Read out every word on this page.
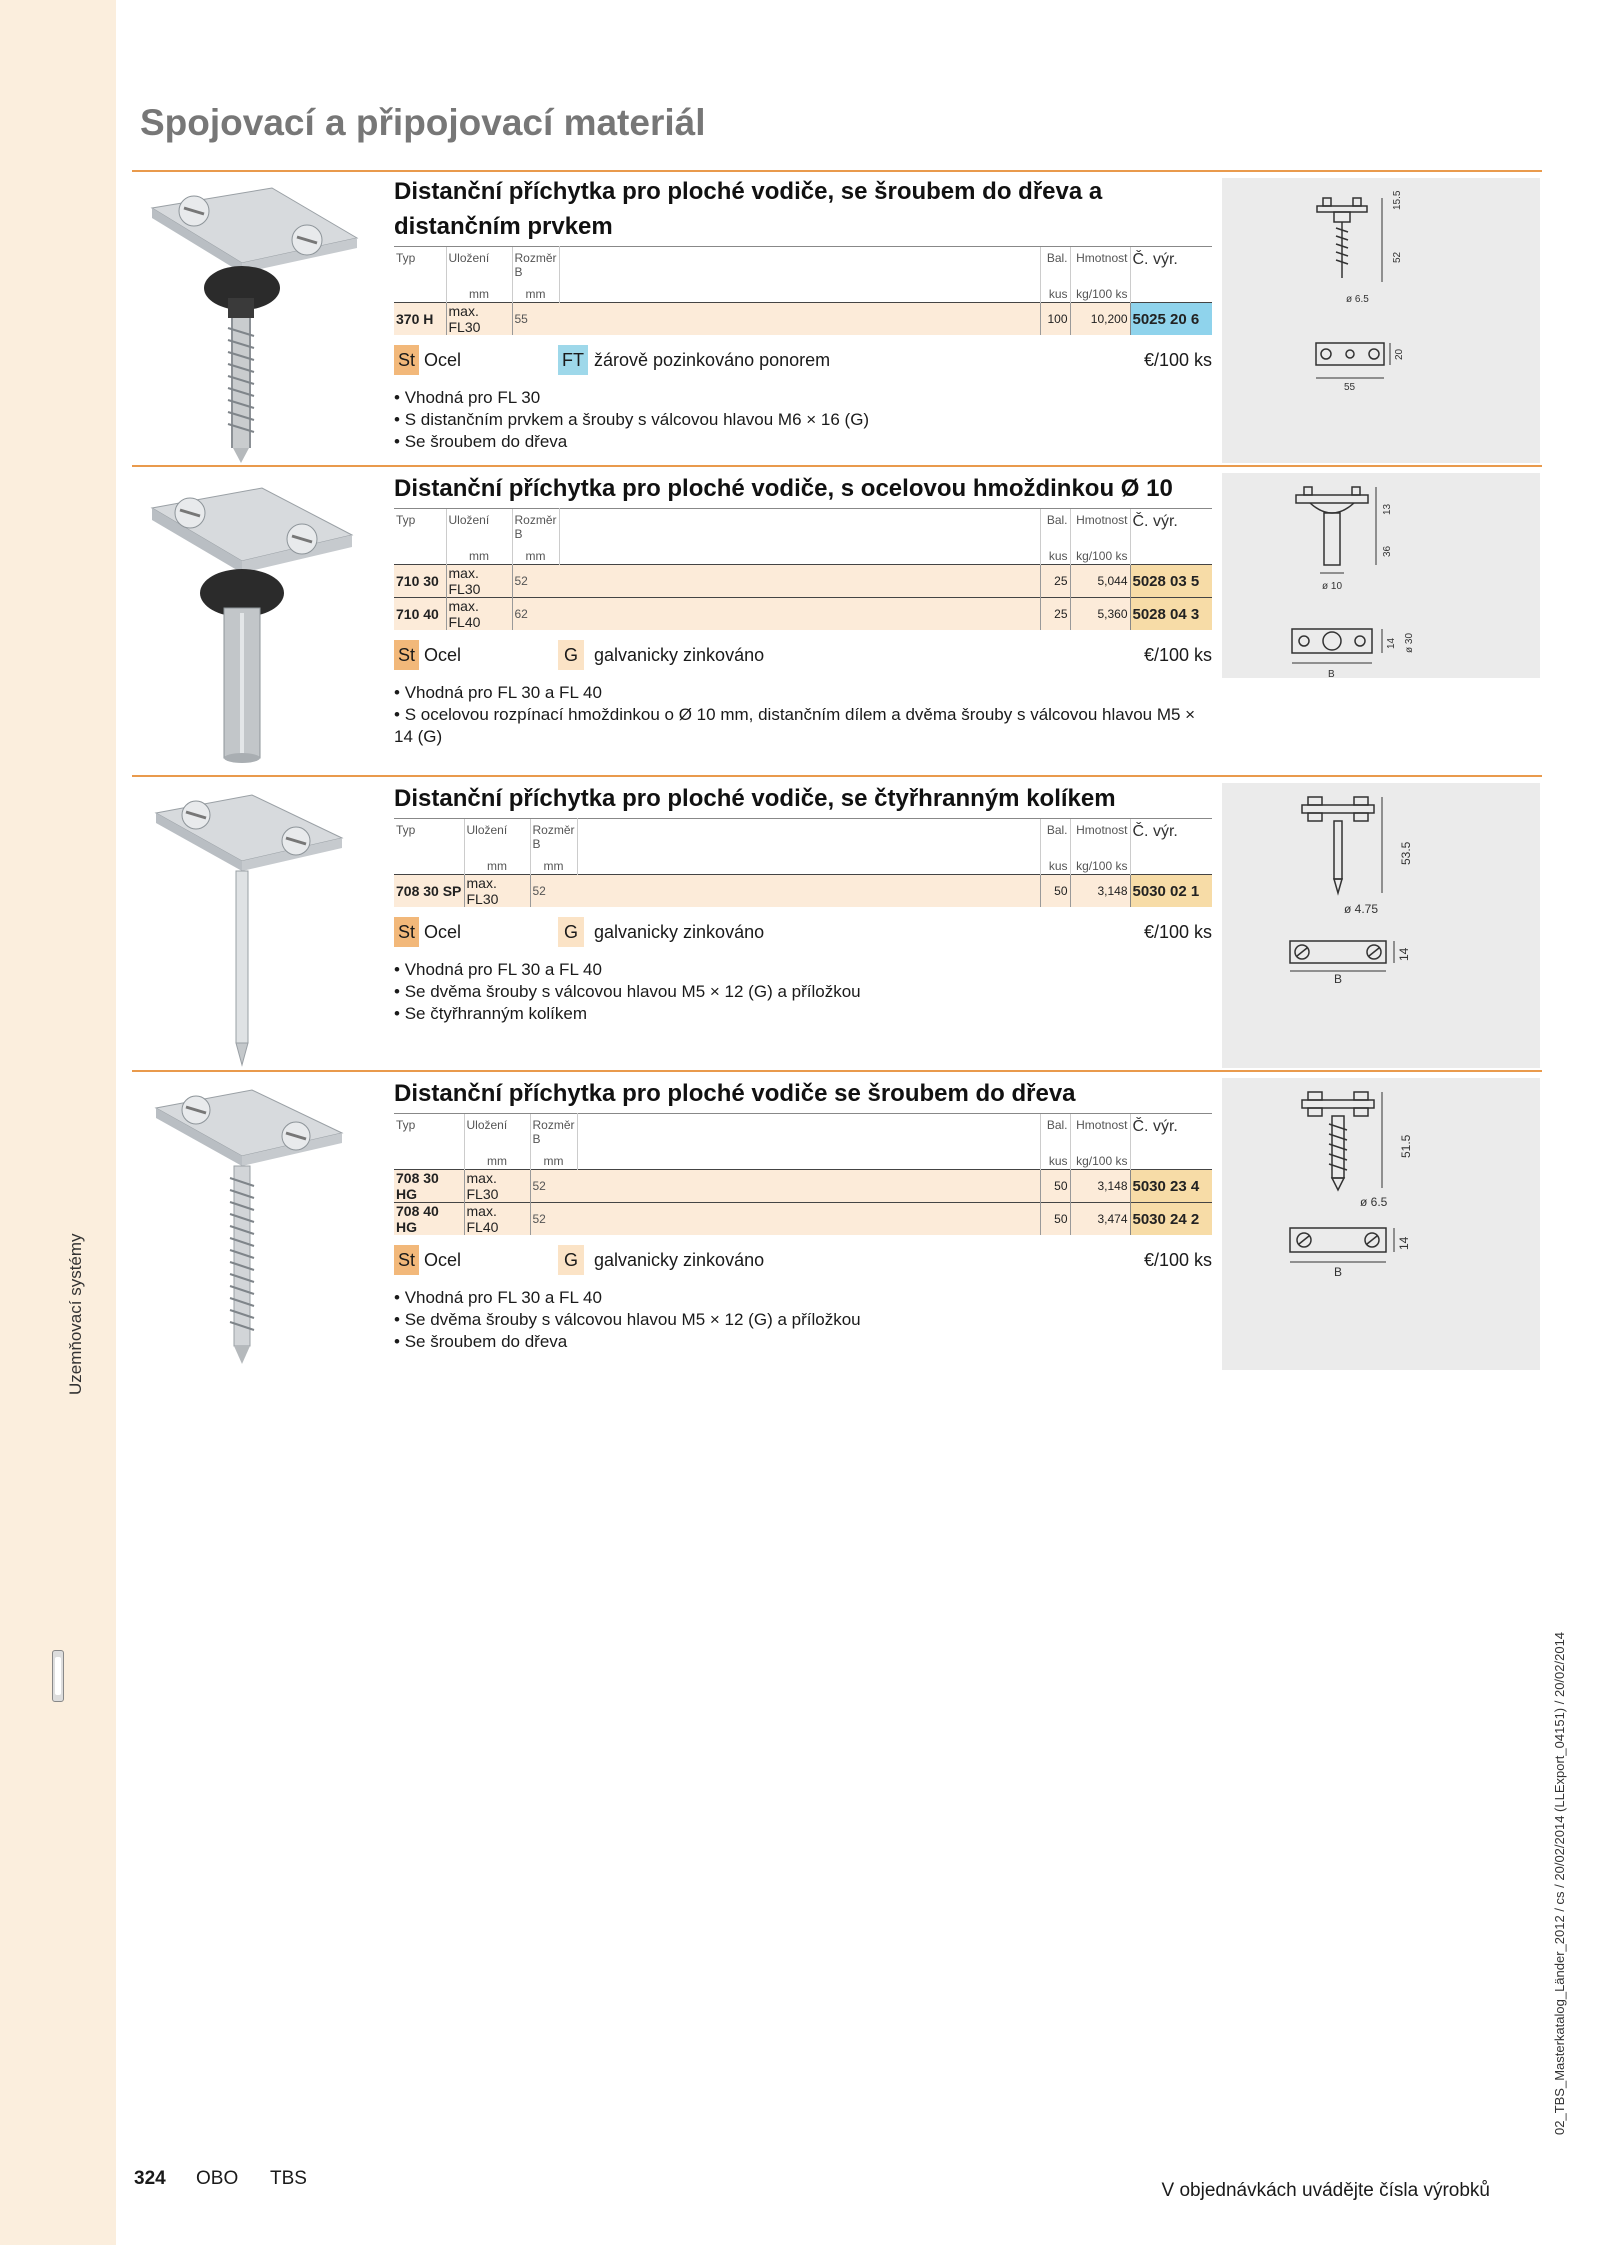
Uzemňovací systémy
Spojovací a připojovací materiál
Distanční příchytka pro ploché vodiče, se šroubem do dřeva a distančním prvkem
Typ	Uložení	Rozměr B		Bal.	Hmotnost	Č. výr.
	mm	mm		kus	kg/100 ks	
370 H	max. FL30	55		100	10,200	5025 20 6
St Ocel	FT žárově pozinkováno ponorem	€/100 ks
• Vhodná pro FL 30
• S distančním prvkem a šrouby s válcovou hlavou M6 × 16 (G)
• Se šroubem do dřeva
15.5
52
ø 6.5
20
55
Distanční příchytka pro ploché vodiče, s ocelovou hmoždinkou Ø 10
Typ	Uložení	Rozměr B		Bal.	Hmotnost	Č. výr.
	mm	mm		kus	kg/100 ks	
710 30	max. FL30	52		25	5,044	5028 03 5
710 40	max. FL40	62		25	5,360	5028 04 3
St Ocel	G galvanicky zinkováno	€/100 ks
• Vhodná pro FL 30 a FL 40
• S ocelovou rozpínací hmoždinkou o Ø 10 mm, distančním dílem a dvěma šrouby s válcovou hlavou M5 × 14 (G)
13
36
ø 10
14
B
ø 30
Distanční příchytka pro ploché vodiče, se čtyřhranným kolíkem
Typ	Uložení	Rozměr B		Bal.	Hmotnost	Č. výr.
	mm	mm		kus	kg/100 ks	
708 30 SP	max. FL30	52		50	3,148	5030 02 1
St Ocel	G galvanicky zinkováno	€/100 ks
• Vhodná pro FL 30 a FL 40
• Se dvěma šrouby s válcovou hlavou M5 × 12 (G) a příložkou
• Se čtyřhranným kolíkem
53.5
ø 4.75
14
B
Distanční příchytka pro ploché vodiče se šroubem do dřeva
Typ	Uložení	Rozměr B		Bal.	Hmotnost	Č. výr.
	mm	mm		kus	kg/100 ks	
708 30 HG	max. FL30	52		50	3,148	5030 23 4
708 40 HG	max. FL40	52		50	3,474	5030 24 2
St Ocel	G galvanicky zinkováno	€/100 ks
• Vhodná pro FL 30 a FL 40
• Se dvěma šrouby s válcovou hlavou M5 × 12 (G) a příložkou
• Se šroubem do dřeva
51.5
ø 6.5
14
B
324 OBO TBS
V objednávkách uvádějte čísla výrobků
02_TBS_Masterkatalog_Länder_2012 / cs / 20/02/2014 (LLExport_04151) / 20/02/2014
